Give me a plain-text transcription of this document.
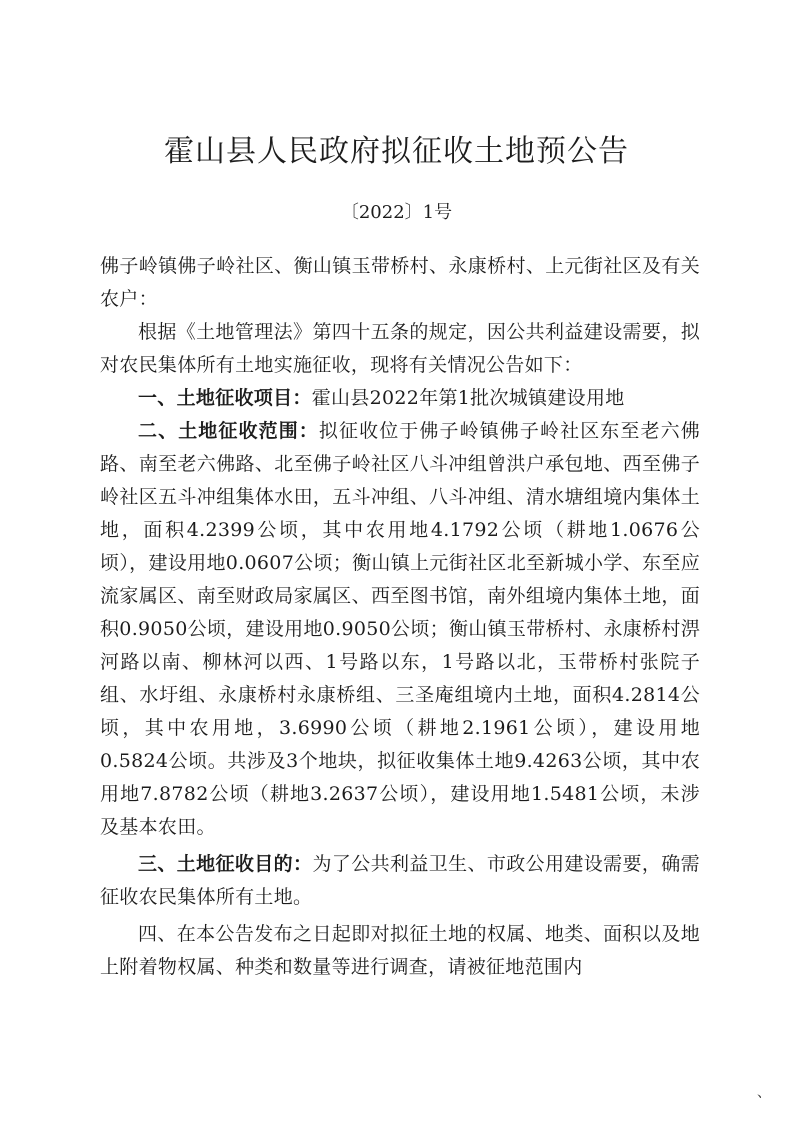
霍山县人民政府拟征收土地预公告
〔2022〕1号

佛子岭镇佛子岭社区、衡山镇玉带桥村、永康桥村、上元街社区及有关农户：

根据《土地管理法》第四十五条的规定，因公共利益建设需要，拟对农民集体所有土地实施征收，现将有关情况公告如下：

一、土地征收项目：霍山县2022年第1批次城镇建设用地

二、土地征收范围：拟征收位于佛子岭镇佛子岭社区东至老六佛路、南至老六佛路、北至佛子岭社区八斗冲组曾洪户承包地、西至佛子岭社区五斗冲组集体水田，五斗冲组、八斗冲组、清水塘组境内集体土地，面积4.2399公顷，其中农用地4.1792公顷（耕地1.0676公顷），建设用地0.0607公顷；衡山镇上元街社区北至新城小学、东至应流家属区、南至财政局家属区、西至图书馆，南外组境内集体土地，面积0.9050公顷，建设用地0.9050公顷；衡山镇玉带桥村、永康桥村淠河路以南、柳林河以西、1号路以东，1号路以北，玉带桥村张院子组、水圩组、永康桥村永康桥组、三圣庵组境内土地，面积4.2814公顷，其中农用地，3.6990公顷（耕地2.1961公顷），建设用地0.5824公顷。共涉及3个地块，拟征收集体土地9.4263公顷，其中农用地7.8782公顷（耕地3.2637公顷），建设用地1.5481公顷，未涉及基本农田。

三、土地征收目的：为了公共利益卫生、市政公用建设需要，确需征收农民集体所有土地。

四、在本公告发布之日起即对拟征土地的权属、地类、面积以及地上附着物权属、种类和数量等进行调查，请被征地范围内

、
